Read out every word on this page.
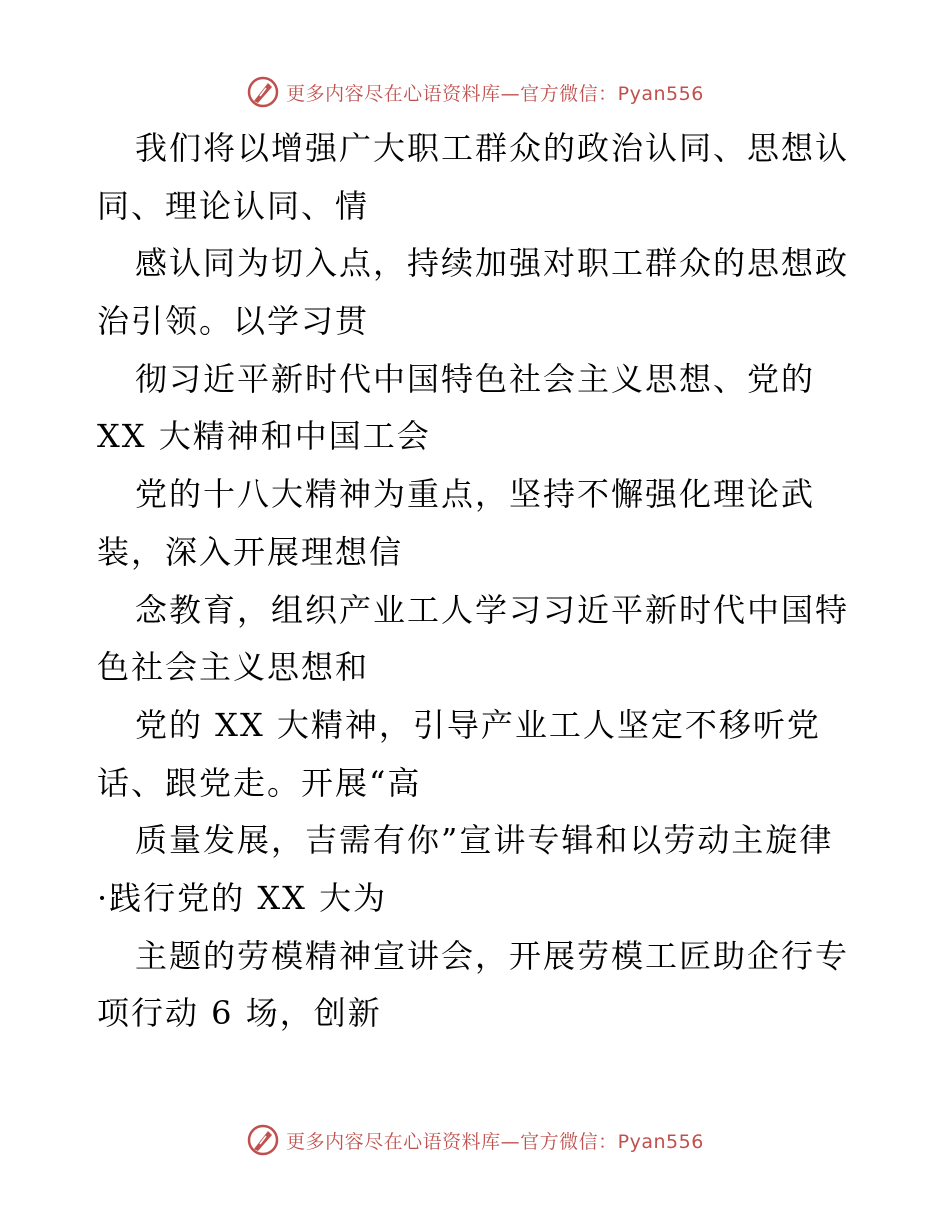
更多内容尽在心语资料库—官方微信：Pyan556
我们将以增强广大职工群众的政治认同、思想认
同、理论认同、情
感认同为切入点，持续加强对职工群众的思想政
治引领。以学习贯
彻习近平新时代中国特色社会主义思想、党的
XX 大精神和中国工会
党的十八大精神为重点，坚持不懈强化理论武
装，深入开展理想信
念教育，组织产业工人学习习近平新时代中国特
色社会主义思想和
党的 XX 大精神，引导产业工人坚定不移听党
话、跟党走。开展“高
质量发展，吉需有你”宣讲专辑和以劳动主旋律
·践行党的 XX 大为
主题的劳模精神宣讲会，开展劳模工匠助企行专
项行动 6 场，创新
更多内容尽在心语资料库—官方微信：Pyan556
